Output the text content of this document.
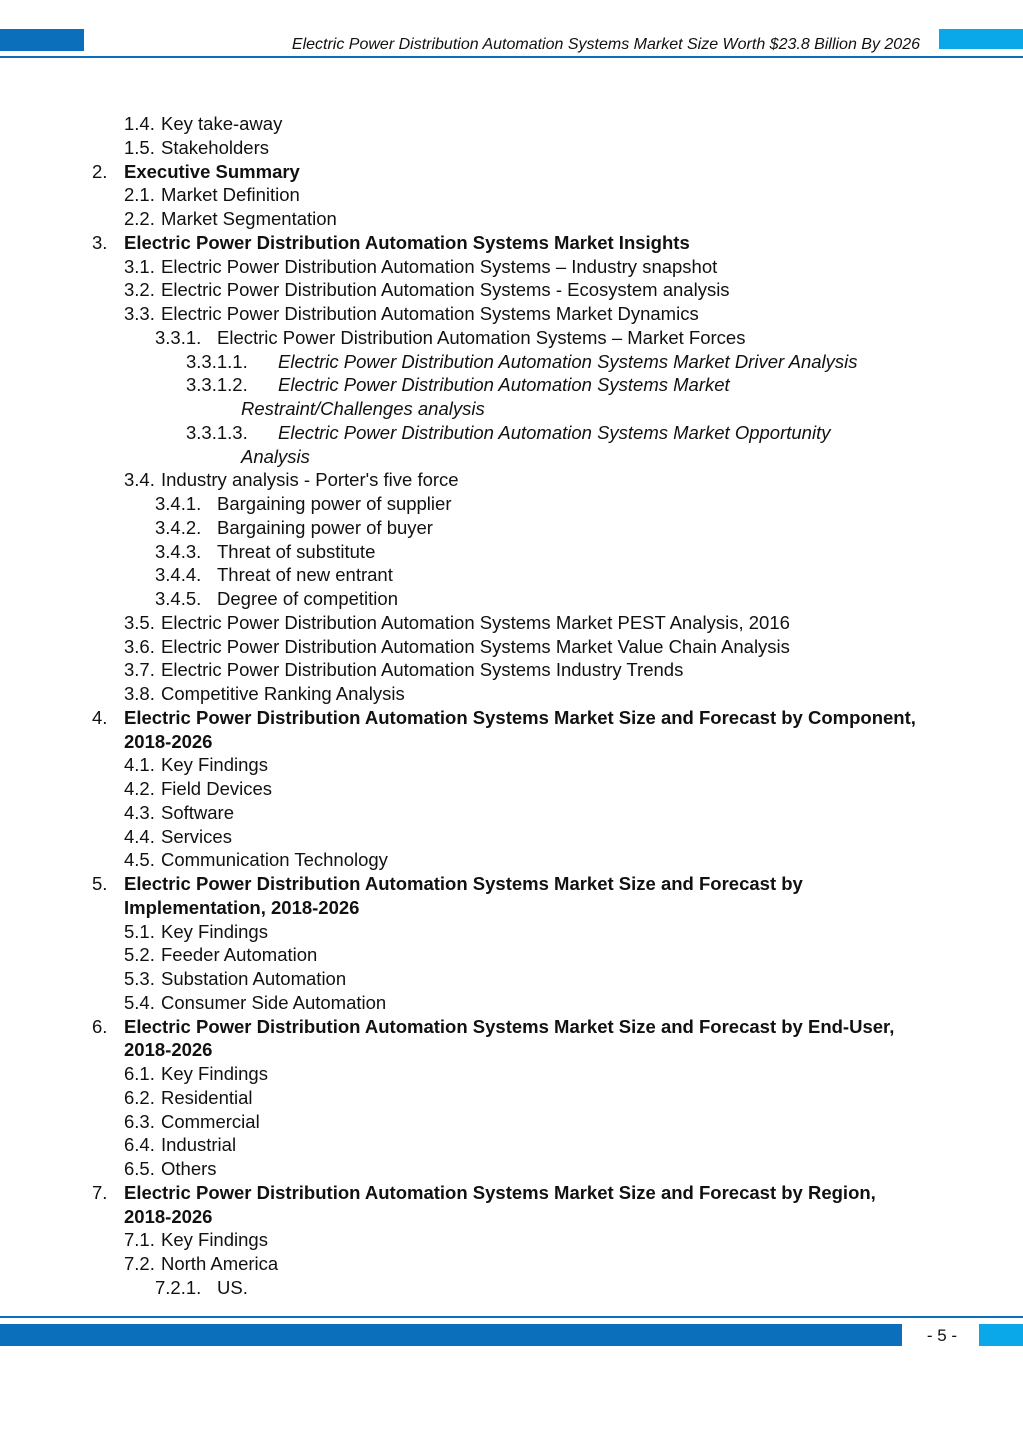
Electric Power Distribution Automation Systems Market Size Worth $23.8 Billion By 2026
1.4. Key take-away
1.5. Stakeholders
2. Executive Summary
2.1. Market Definition
2.2. Market Segmentation
3. Electric Power Distribution Automation Systems Market Insights
3.1. Electric Power Distribution Automation Systems – Industry snapshot
3.2. Electric Power Distribution Automation Systems - Ecosystem analysis
3.3. Electric Power Distribution Automation Systems Market Dynamics
3.3.1. Electric Power Distribution Automation Systems – Market Forces
3.3.1.1. Electric Power Distribution Automation Systems Market Driver Analysis
3.3.1.2. Electric Power Distribution Automation Systems Market
Restraint/Challenges analysis
3.3.1.3. Electric Power Distribution Automation Systems Market Opportunity
Analysis
3.4. Industry analysis - Porter's five force
3.4.1. Bargaining power of supplier
3.4.2. Bargaining power of buyer
3.4.3. Threat of substitute
3.4.4. Threat of new entrant
3.4.5. Degree of competition
3.5. Electric Power Distribution Automation Systems Market PEST Analysis, 2016
3.6. Electric Power Distribution Automation Systems Market Value Chain Analysis
3.7. Electric Power Distribution Automation Systems Industry Trends
3.8. Competitive Ranking Analysis
4. Electric Power Distribution Automation Systems Market Size and Forecast by Component,
2018-2026
4.1. Key Findings
4.2. Field Devices
4.3. Software
4.4. Services
4.5. Communication Technology
5. Electric Power Distribution Automation Systems Market Size and Forecast by
Implementation, 2018-2026
5.1. Key Findings
5.2. Feeder Automation
5.3. Substation Automation
5.4. Consumer Side Automation
6. Electric Power Distribution Automation Systems Market Size and Forecast by End-User,
2018-2026
6.1. Key Findings
6.2. Residential
6.3. Commercial
6.4. Industrial
6.5. Others
7. Electric Power Distribution Automation Systems Market Size and Forecast by Region,
2018-2026
7.1. Key Findings
7.2. North America
7.2.1. US.
- 5 -
